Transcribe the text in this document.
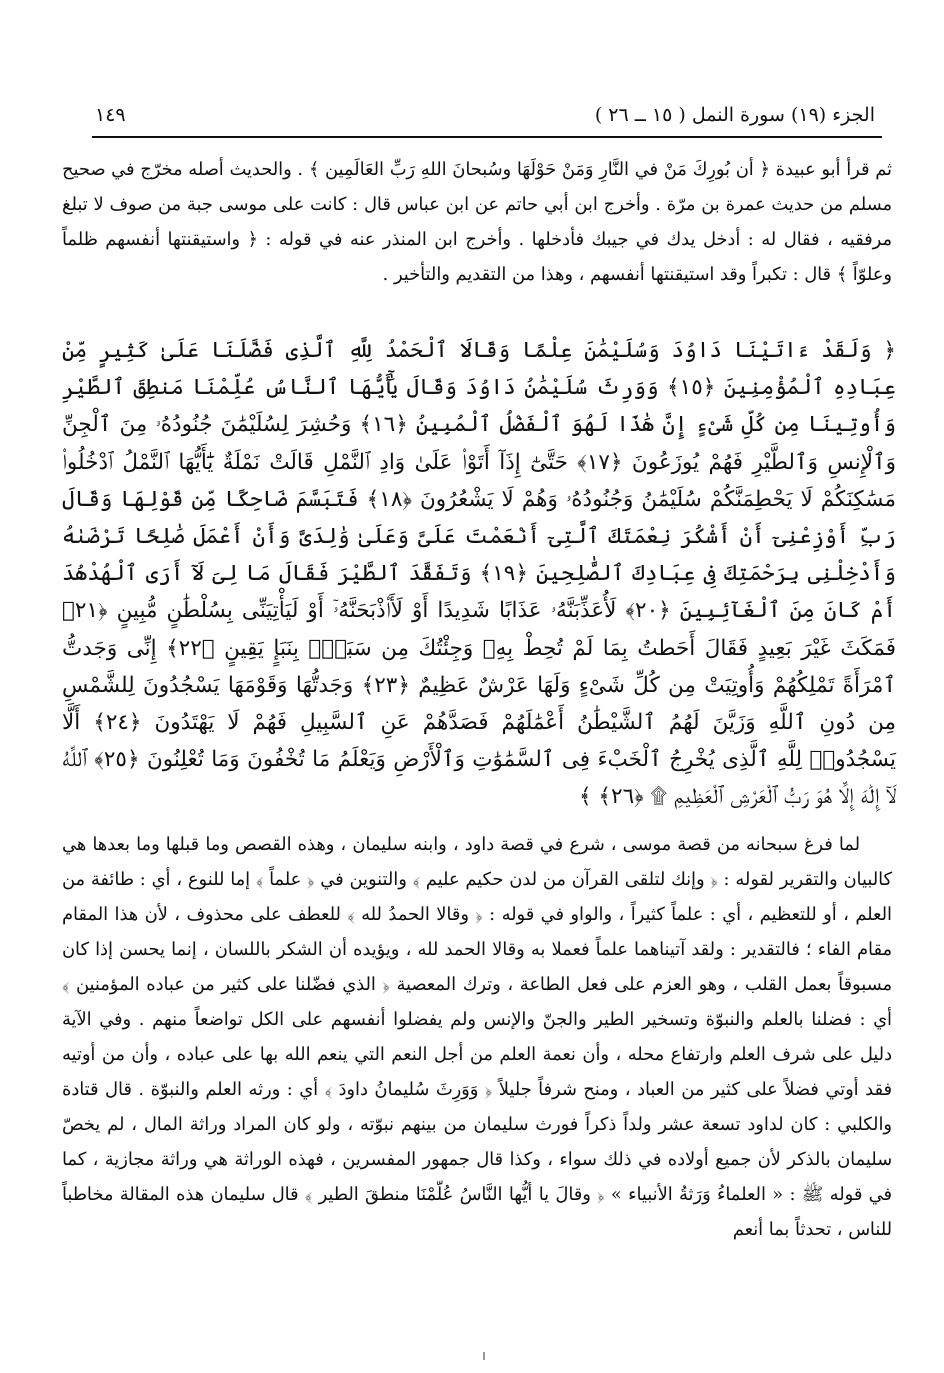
الجزء (١٩) سورة النمل ( ١٥ ــ ٢٦ )
١٤٩

ثم قرأ أبو عبيدة ﴿ أن بُورِكَ مَنْ في النَّارِ وَمَنْ حَوْلَهَا وسُبحانَ اللهِ رَبِّ العَالَمِين ﴾ . والحديث أصله مخرّج في صحيح مسلم من حديث عمرة بن مرّة . وأخرج ابن أبي حاتم عن ابن عباس قال : كانت على موسى جبة من صوف لا تبلغ مرفقيه ، فقال له : أدخل يدك في جيبك فأدخلها . وأخرج ابن المنذر عنه في قوله : ﴿ واستيقنتها أنفسهم ظلماً وعلوّاً ﴾ قال : تكبراً وقد استيقنتها أنفسهم ، وهذا من التقديم والتأخير .

﴿ وَلَقَدْ ءَاتَيْنَا دَاوُدَ وَسُلَيْمَٰنَ عِلْمًا وَقَالَا ٱلْحَمْدُ لِلَّهِ ٱلَّذِى فَضَّلَنَا عَلَىٰ كَثِيرٍ مِّنْ عِبَادِهِ ٱلْمُؤْمِنِينَ ﴿١٥﴾ وَوَرِثَ سُلَيْمَٰنُ دَاوُدَ وَقَالَ يَٰٓأَيُّهَا ٱلنَّاسُ عُلِّمْنَا مَنطِقَ ٱلطَّيْرِ وَأُوتِينَا مِن كُلِّ شَىْءٍ إِنَّ هَٰذَا لَهُوَ ٱلْفَضْلُ ٱلْمُبِينُ ﴿١٦﴾ وَحُشِرَ لِسُلَيْمَٰنَ جُنُودُهُۥ مِنَ ٱلْجِنِّ وَٱلْإِنسِ وَٱلطَّيْرِ فَهُمْ يُوزَعُونَ ﴿١٧﴾ حَتَّىٰٓ إِذَآ أَتَوْا۟ عَلَىٰ وَادِ ٱلنَّمْلِ قَالَتْ نَمْلَةٌ يَٰٓأَيُّهَا ٱلنَّمْلُ ٱدْخُلُوا۟ مَسَٰكِنَكُمْ لَا يَحْطِمَنَّكُمْ سُلَيْمَٰنُ وَجُنُودُهُۥ وَهُمْ لَا يَشْعُرُونَ ﴿١٨﴾ فَتَبَسَّمَ ضَاحِكًا مِّن قَوْلِهَا وَقَالَ رَبِّ أَوْزِعْنِىٓ أَنْ أَشْكُرَ نِعْمَتَكَ ٱلَّتِىٓ أَنْعَمْتَ عَلَىَّ وَعَلَىٰ وَٰلِدَىَّ وَأَنْ أَعْمَلَ صَٰلِحًا تَرْضَىٰهُ وَأَدْخِلْنِى بِرَحْمَتِكَ فِى عِبَادِكَ ٱلصَّٰلِحِينَ ﴿١٩﴾ وَتَفَقَّدَ ٱلطَّيْرَ فَقَالَ مَا لِىَ لَآ أَرَى ٱلْهُدْهُدَ أَمْ كَانَ مِنَ ٱلْغَآئِبِينَ ﴿٢٠﴾ لَأُعَذِّبَنَّهُۥ عَذَابًا شَدِيدًا أَوْ لَأَا۟ذْبَحَنَّهُۥٓ أَوْ لَيَأْتِيَنِّى بِسُلْطَٰنٍ مُّبِينٍ ﴿٢١﴾ فَمَكَثَ غَيْرَ بَعِيدٍ فَقَالَ أَحَطتُ بِمَا لَمْ تُحِطْ بِهِۦ وَجِئْتُكَ مِن سَبَإٍۭ بِنَبَإٍ يَقِينٍ ﴿٢٢﴾ إِنِّى وَجَدتُّ ٱمْرَأَةً تَمْلِكُهُمْ وَأُوتِيَتْ مِن كُلِّ شَىْءٍ وَلَهَا عَرْشٌ عَظِيمٌ ﴿٢٣﴾ وَجَدتُّهَا وَقَوْمَهَا يَسْجُدُونَ لِلشَّمْسِ مِن دُونِ ٱللَّهِ وَزَيَّنَ لَهُمُ ٱلشَّيْطَٰنُ أَعْمَٰلَهُمْ فَصَدَّهُمْ عَنِ ٱلسَّبِيلِ فَهُمْ لَا يَهْتَدُونَ ﴿٢٤﴾ أَلَّا يَسْجُدُوا۟ لِلَّهِ ٱلَّذِى يُخْرِجُ ٱلْخَبْءَ فِى ٱلسَّمَٰوَٰتِ وَٱلْأَرْضِ وَيَعْلَمُ مَا تُخْفُونَ وَمَا تُعْلِنُونَ ﴿٢٥﴾ ٱللَّهُ لَآ إِلَٰهَ إِلَّا هُوَ رَبُّ ٱلْعَرْشِ ٱلْعَظِيمِ ۩ ﴿٢٦﴾ ﴾

لما فرغ سبحانه من قصة موسى ، شرع في قصة داود ، وابنه سليمان ، وهذه القصص وما قبلها وما بعدها هي كالبيان والتقرير لقوله : ﴿ وإنك لتلقى القرآن من لدن حكيم عليم ﴾ والتنوين في ﴿ علماً ﴾ إما للنوع ، أي : طائفة من العلم ، أو للتعظيم ، أي : علماً كثيراً ، والواو في قوله : ﴿ وقالا الحمدُ لله ﴾ للعطف على محذوف ، لأن هذا المقام مقام الفاء ؛ فالتقدير : ولقد آتيناهما علماً فعملا به وقالا الحمد لله ، ويؤيده أن الشكر باللسان ، إنما يحسن إذا كان مسبوقاً بعمل القلب ، وهو العزم على فعل الطاعة ، وترك المعصية ﴿ الذي فضّلنا على كثير من عباده المؤمنين ﴾ أي : فضلنا بالعلم والنبوّة وتسخير الطير والجنّ والإنس ولم يفضلوا أنفسهم على الكل تواضعاً منهم . وفي الآية دليل على شرف العلم وارتفاع محله ، وأن نعمة العلم من أجل النعم التي ينعم الله بها على عباده ، وأن من أوتيه فقد أوتي فضلاً على كثير من العباد ، ومنح شرفاً جليلاً ﴿ وَوَرِثَ سُليمانُ داودَ ﴾ أي : ورثه العلم والنبوّة . قال قتادة والكلبي : كان لداود تسعة عشر ولداً ذكراً فورث سليمان من بينهم نبوّته ، ولو كان المراد وراثة المال ، لم يخصّ سليمان بالذكر لأن جميع أولاده في ذلك سواء ، وكذا قال جمهور المفسرين ، فهذه الوراثة هي وراثة مجازية ، كما في قوله ﷺ : « العلماءُ وَرَثةُ الأنبياء » ﴿ وقالَ يا أيُّها النَّاسُ عُلّمْنَا منطقَ الطير ﴾ قال سليمان هذه المقالة مخاطباً للناس ، تحدثاً بما أنعم
